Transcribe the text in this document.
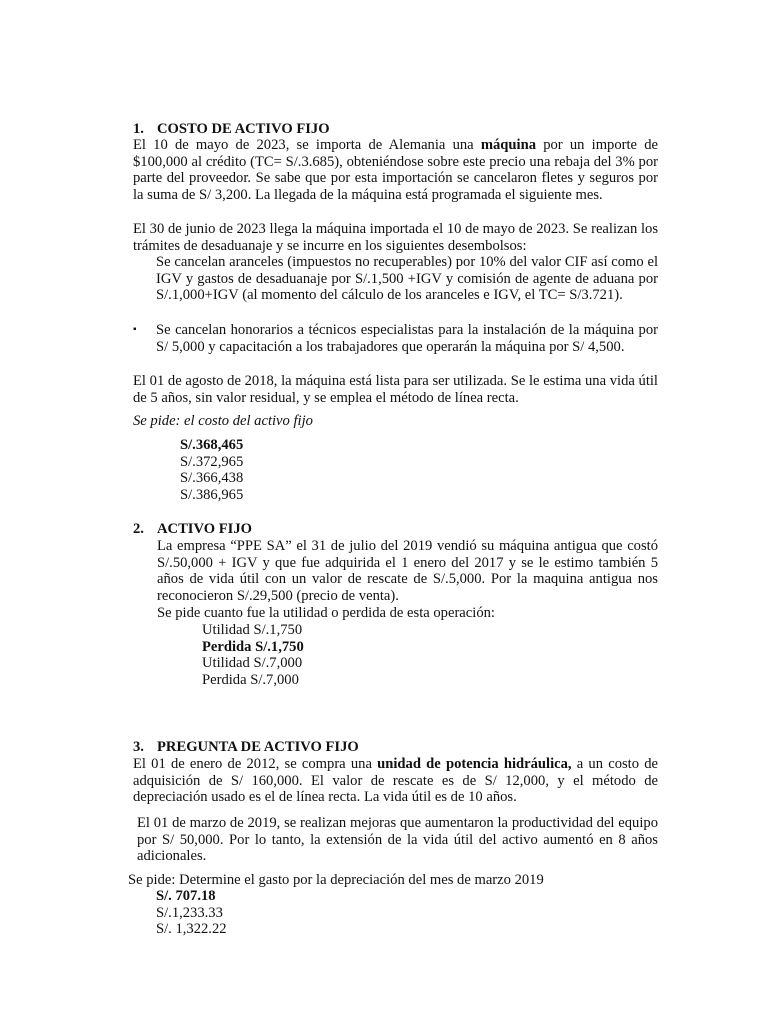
1. COSTO DE ACTIVO FIJO

El 10 de mayo de 2023, se importa de Alemania una máquina por un importe de $100,000 al crédito (TC= S/.3.685), obteniéndose sobre este precio una rebaja del 3% por parte del proveedor. Se sabe que por esta importación se cancelaron fletes y seguros por la suma de S/ 3,200. La llegada de la máquina está programada el siguiente mes.

El 30 de junio de 2023 llega la máquina importada el 10 de mayo de 2023. Se realizan los trámites de desaduanaje y se incurre en los siguientes desembolsos:

Se cancelan aranceles (impuestos no recuperables) por 10% del valor CIF así como el IGV y gastos de desaduanaje por S/.1,500 +IGV y comisión de agente de aduana por S/.1,000+IGV (al momento del cálculo de los aranceles e IGV, el TC= S/3.721).

▪ Se cancelan honorarios a técnicos especialistas para la instalación de la máquina por S/ 5,000 y capacitación a los trabajadores que operarán la máquina por S/ 4,500.

El 01 de agosto de 2018, la máquina está lista para ser utilizada. Se le estima una vida útil de 5 años, sin valor residual, y se emplea el método de línea recta.

Se pide: el costo del activo fijo

S/.368,465

S/.372,965

S/.366,438

S/.386,965

2. ACTIVO FIJO

La empresa “PPE SA” el 31 de julio del 2019 vendió su máquina antigua que costó S/.50,000 + IGV y que fue adquirida el 1 enero del 2017 y se le estimo también 5 años de vida útil con un valor de rescate de S/.5,000. Por la maquina antigua nos reconocieron S/.29,500 (precio de venta).

Se pide cuanto fue la utilidad o perdida de esta operación:

Utilidad S/.1,750

Perdida S/.1,750

Utilidad S/.7,000

Perdida S/.7,000

3. PREGUNTA DE ACTIVO FIJO

El 01 de enero de 2012, se compra una unidad de potencia hidráulica, a un costo de adquisición de S/ 160,000. El valor de rescate es de S/ 12,000, y el método de depreciación usado es el de línea recta. La vida útil es de 10 años.

El 01 de marzo de 2019, se realizan mejoras que aumentaron la productividad del equipo por S/ 50,000. Por lo tanto, la extensión de la vida útil del activo aumentó en 8 años adicionales.

Se pide: Determine el gasto por la depreciación del mes de marzo 2019

S/. 707.18

S/.1,233.33

S/. 1,322.22
